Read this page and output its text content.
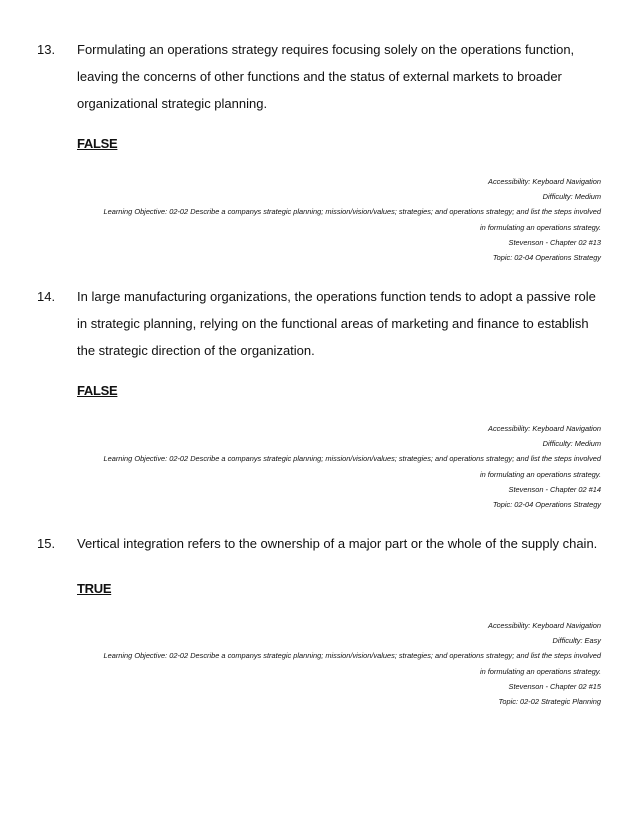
13. Formulating an operations strategy requires focusing solely on the operations function, leaving the concerns of other functions and the status of external markets to broader organizational strategic planning.
FALSE
Accessibility: Keyboard Navigation
Difficulty: Medium
Learning Objective: 02-02 Describe a companys strategic planning; mission/vision/values; strategies; and operations strategy; and list the steps involved
in formulating an operations strategy.
Stevenson - Chapter 02 #13
Topic: 02-04 Operations Strategy
14. In large manufacturing organizations, the operations function tends to adopt a passive role in strategic planning, relying on the functional areas of marketing and finance to establish the strategic direction of the organization.
FALSE
Accessibility: Keyboard Navigation
Difficulty: Medium
Learning Objective: 02-02 Describe a companys strategic planning; mission/vision/values; strategies; and operations strategy; and list the steps involved
in formulating an operations strategy.
Stevenson - Chapter 02 #14
Topic: 02-04 Operations Strategy
15. Vertical integration refers to the ownership of a major part or the whole of the supply chain.
TRUE
Accessibility: Keyboard Navigation
Difficulty: Easy
Learning Objective: 02-02 Describe a companys strategic planning; mission/vision/values; strategies; and operations strategy; and list the steps involved
in formulating an operations strategy.
Stevenson - Chapter 02 #15
Topic: 02-02 Strategic Planning
